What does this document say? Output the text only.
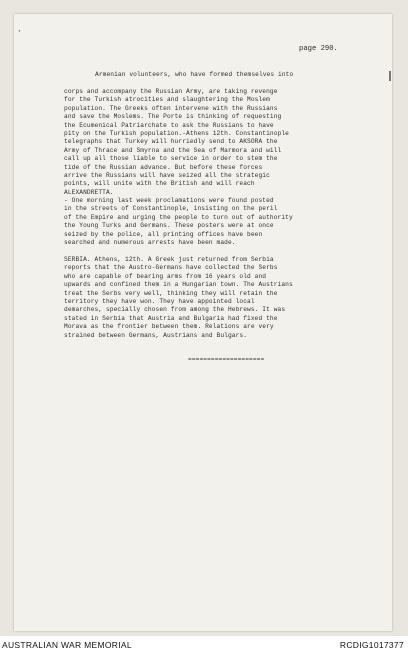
·
page 290.
Armenian volunteers, who have formed themselves into
corps and accompany the Russian Army, are taking revenge
for the Turkish atrocities and slaughtering the Moslem
population. The Greeks often intervene with the Russians
and save the Moslems. The Porte is thinking of requesting
the Ecumenical Patriarchate to ask the Russians to have
pity on the Turkish population.-Athens 12th. Constantinople
telegraphs that Turkey will hurriedly send to AKSORA the
Army of Thrace and Smyrna and the Sea of Marmora and will
call up all those liable to service in order to stem the
tide of the Russian advance. But before these forces
arrive the Russians will have seized all the strategic
points, will unite with the British and will reach
ALEXANDRETTA.
- One morning last week proclamations were found posted
in the streets of Constantinople, insisting on the peril
of the Empire and urging the people to turn out of authority
the Young Turks and Germans. These posters were at once
seized by the police, all printing offices have been
searched and numerous arrests have been made.
SERBIA. Athens, 12th. A Greek just returned from Serbia
reports that the Austro-Germans have collected the Serbs
who are capable of bearing arms from 16 years old and
upwards and confined them in a Hungarian town. The Austrians
treat the Serbs very well, thinking they will retain the
territory they have won. They have appointed local
demarches, specially chosen from among the Hebrews. It was
stated in Serbia that Austria and Bulgaria had fixed the
Morava as the frontier between them. Relations are very
strained between Germans, Austrians and Bulgars.
====================
AUSTRALIAN WAR MEMORIAL	RCDIG1017377
